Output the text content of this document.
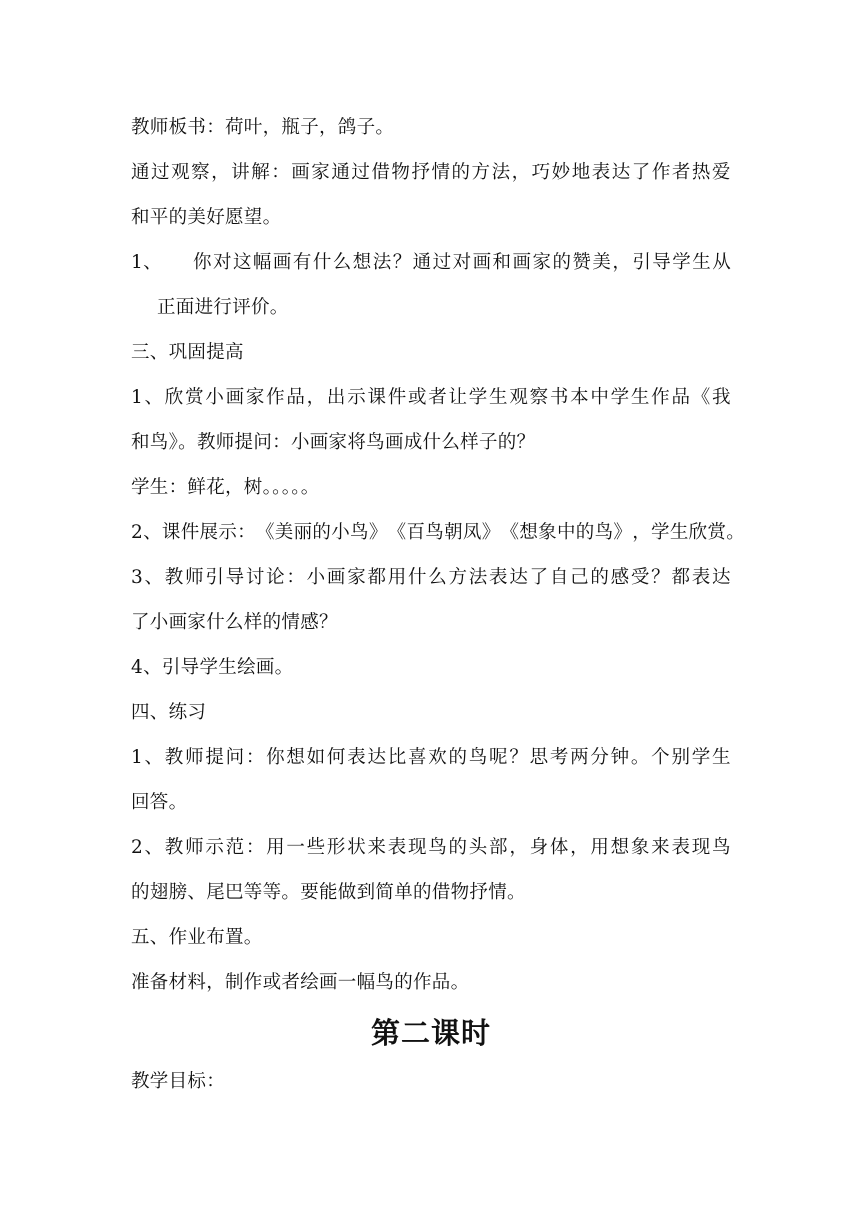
教师板书：荷叶，瓶子，鸽子。
通 过 观 察 ， 讲 解 ： 画 家 通 过 借 物 抒 情 的 方 法 ， 巧 妙 地 表 达 了 作 者 热 爱
和平的美好愿望。
1、	你 对 这 幅 画 有 什 么 想 法 ？ 通 过 对 画 和 画 家 的 赞 美 ， 引 导 学 生 从
正面进行评价。
三、巩固提高
1 、 欣 赏 小 画 家 作 品 ， 出 示 课 件 或 者 让 学 生 观 察 书 本 中 学 生 作 品 《 我
和鸟》。教师提问：小画家将鸟画成什么样子的？
学生：鲜花，树。。。。。
2 、 课 件 展 示 ： 《 美 丽 的 小 鸟 》 《 百 鸟 朝 凤 》 《 想 象 中 的 鸟 》 ， 学 生 欣 赏 。
3 、 教 师 引 导 讨 论 ： 小 画 家 都 用 什 么 方 法 表 达 了 自 己 的 感 受 ？ 都 表 达
了小画家什么样的情感？
4、引导学生绘画。
四、练习
1 、 教 师 提 问 ： 你 想 如 何 表 达 比 喜 欢 的 鸟 呢 ？ 思 考 两 分 钟 。 个 别 学 生
回答。
2 、 教 师 示 范 ： 用 一 些 形 状 来 表 现 鸟 的 头 部 ， 身 体 ， 用 想 象 来 表 现 鸟
的翅膀、尾巴等等。要能做到简单的借物抒情。
五、作业布置。
准备材料，制作或者绘画一幅鸟的作品。
第二课时
教学目标：
